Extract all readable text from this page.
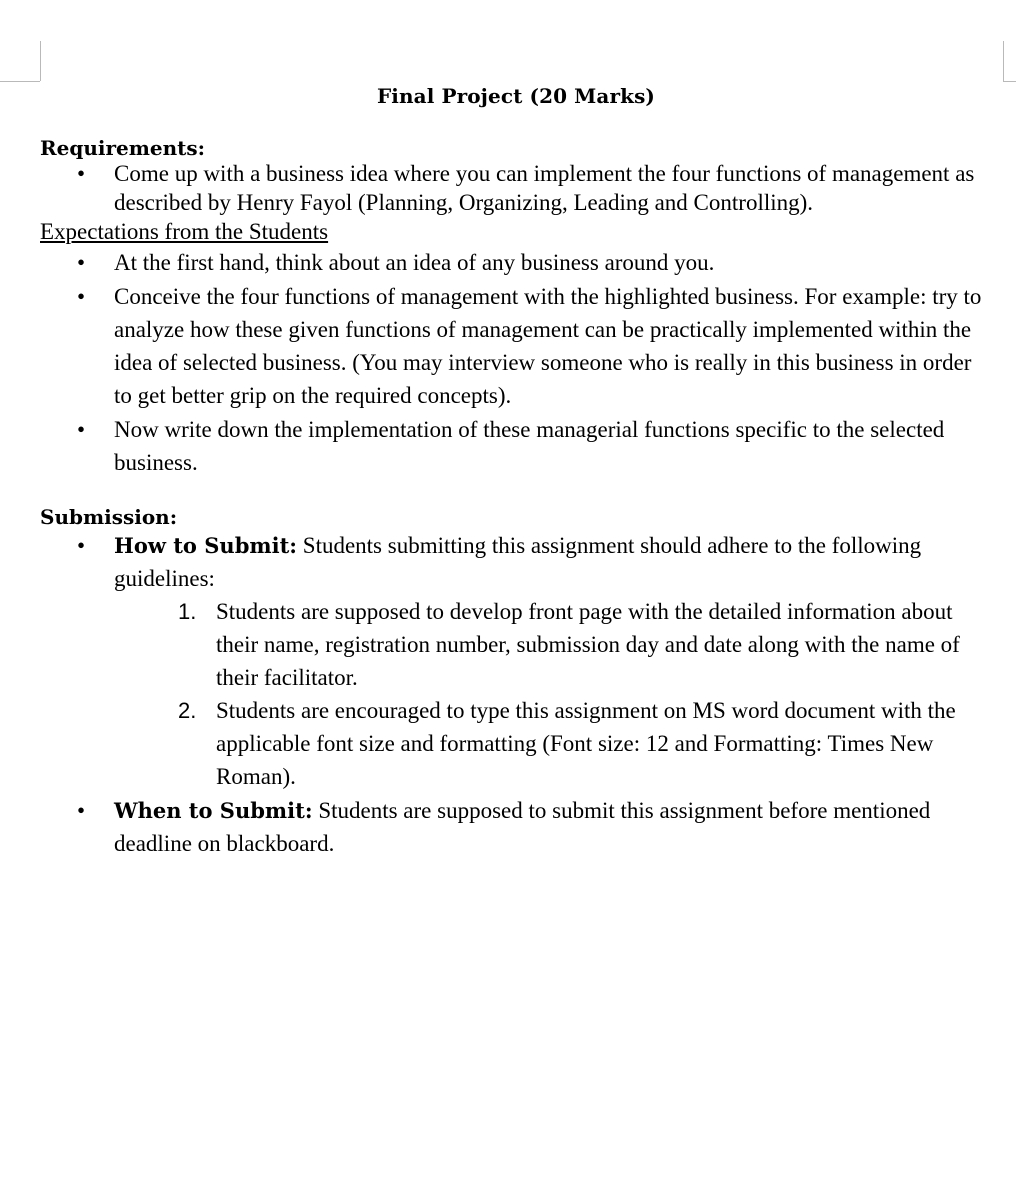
Final Project (20 Marks)

Requirements:

• Come up with a business idea where you can implement the four functions of management as described by Henry Fayol (Planning, Organizing, Leading and Controlling).

Expectations from the Students

• At the first hand, think about an idea of any business around you.
• Conceive the four functions of management with the highlighted business. For example: try to analyze how these given functions of management can be practically implemented within the idea of selected business. (You may interview someone who is really in this business in order to get better grip on the required concepts).
• Now write down the implementation of these managerial functions specific to the selected business.

Submission:

• How to Submit: Students submitting this assignment should adhere to the following guidelines:
1. Students are supposed to develop front page with the detailed information about their name, registration number, submission day and date along with the name of their facilitator.
2. Students are encouraged to type this assignment on MS word document with the applicable font size and formatting (Font size: 12 and Formatting: Times New Roman).
• When to Submit: Students are supposed to submit this assignment before mentioned deadline on blackboard.
